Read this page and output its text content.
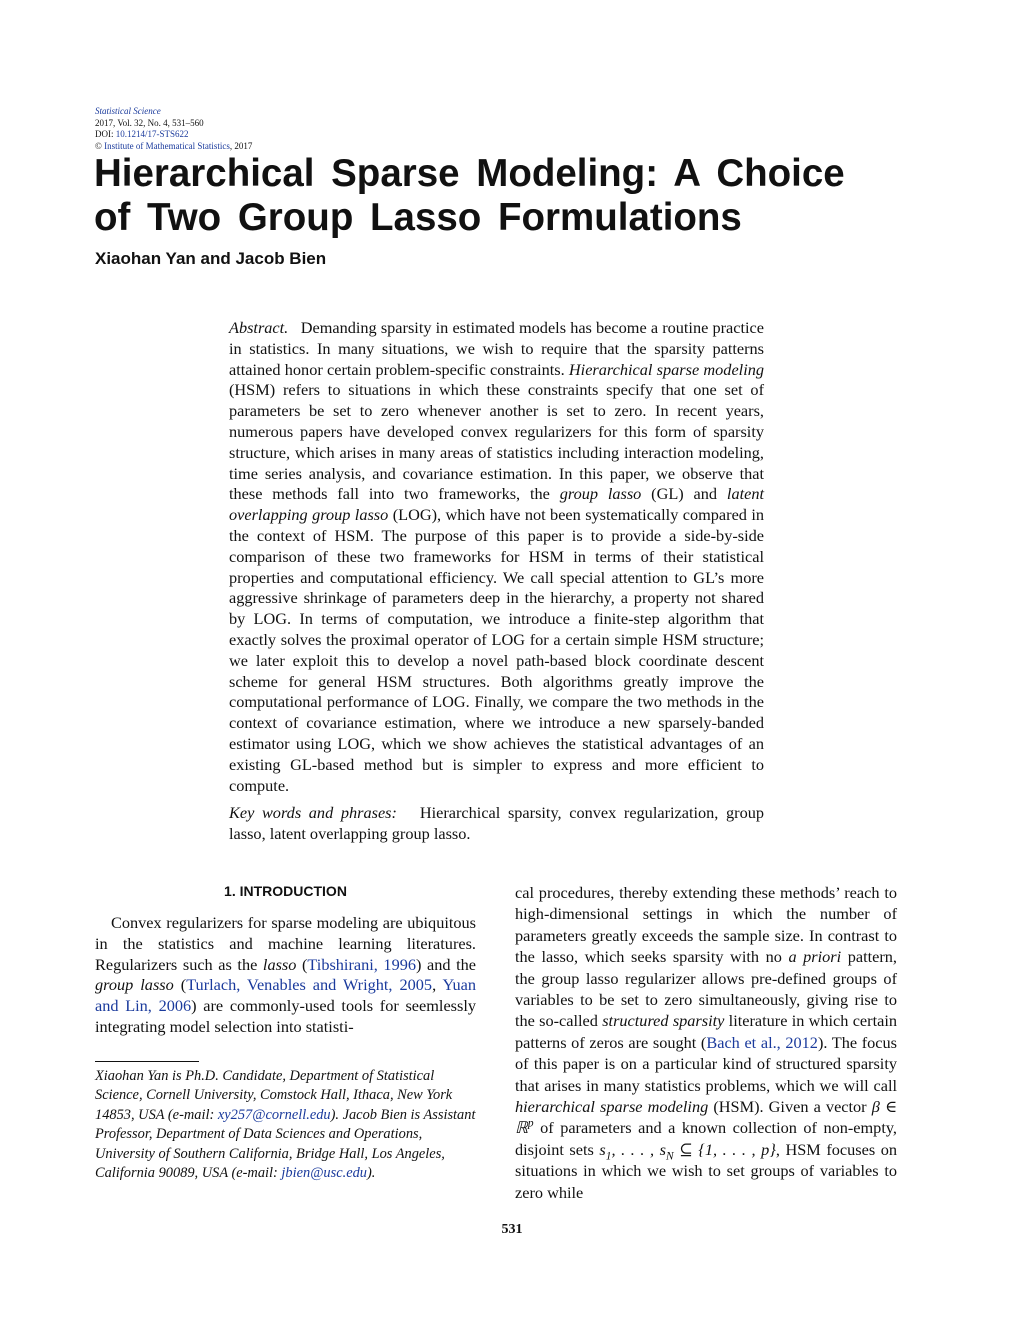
Statistical Science
2017, Vol. 32, No. 4, 531–560
DOI: 10.1214/17-STS622
© Institute of Mathematical Statistics, 2017
Hierarchical Sparse Modeling: A Choice
of Two Group Lasso Formulations
Xiaohan Yan and Jacob Bien

Abstract. Demanding sparsity in estimated models has become a routine practice in statistics. In many situations, we wish to require that the sparsity patterns attained honor certain problem-specific constraints. Hierarchical sparse modeling (HSM) refers to situations in which these constraints specify that one set of parameters be set to zero whenever another is set to zero. In recent years, numerous papers have developed convex regularizers for this form of sparsity structure, which arises in many areas of statistics including interaction modeling, time series analysis, and covariance estimation. In this paper, we observe that these methods fall into two frameworks, the group lasso (GL) and latent overlapping group lasso (LOG), which have not been systematically compared in the context of HSM. The purpose of this paper is to provide a side-by-side comparison of these two frameworks for HSM in terms of their statistical properties and computational efficiency. We call special attention to GL’s more aggressive shrinkage of parameters deep in the hierarchy, a property not shared by LOG. In terms of computation, we introduce a finite-step algorithm that exactly solves the proximal operator of LOG for a certain simple HSM structure; we later exploit this to develop a novel path-based block coordinate descent scheme for general HSM structures. Both algorithms greatly improve the computational performance of LOG. Finally, we compare the two methods in the context of covariance estimation, where we introduce a new sparsely-banded estimator using LOG, which we show achieves the statistical advantages of an existing GL-based method but is simpler to express and more efficient to compute.

Key words and phrases: Hierarchical sparsity, convex regularization, group lasso, latent overlapping group lasso.

1. INTRODUCTION

Convex regularizers for sparse modeling are ubiquitous in the statistics and machine learning literatures. Regularizers such as the lasso (Tibshirani, 1996) and the group lasso (Turlach, Venables and Wright, 2005, Yuan and Lin, 2006) are commonly-used tools for seemlessly integrating model selection into statisti-

Xiaohan Yan is Ph.D. Candidate, Department of Statistical Science, Cornell University, Comstock Hall, Ithaca, New York 14853, USA (e-mail: xy257@cornell.edu). Jacob Bien is Assistant Professor, Department of Data Sciences and Operations, University of Southern California, Bridge Hall, Los Angeles, California 90089, USA (e-mail: jbien@usc.edu).

cal procedures, thereby extending these methods’ reach to high-dimensional settings in which the number of parameters greatly exceeds the sample size. In contrast to the lasso, which seeks sparsity with no a priori pattern, the group lasso regularizer allows pre-defined groups of variables to be set to zero simultaneously, giving rise to the so-called structured sparsity literature in which certain patterns of zeros are sought (Bach et al., 2012). The focus of this paper is on a particular kind of structured sparsity that arises in many statistics problems, which we will call hierarchical sparse modeling (HSM). Given a vector β ∈ ℝ$^p$ of parameters and a known collection of non-empty, disjoint sets $s_1$, . . . , $s_N$ ⊆ {1, . . . , p}, HSM focuses on situations in which we wish to set groups of variables to zero while

531
